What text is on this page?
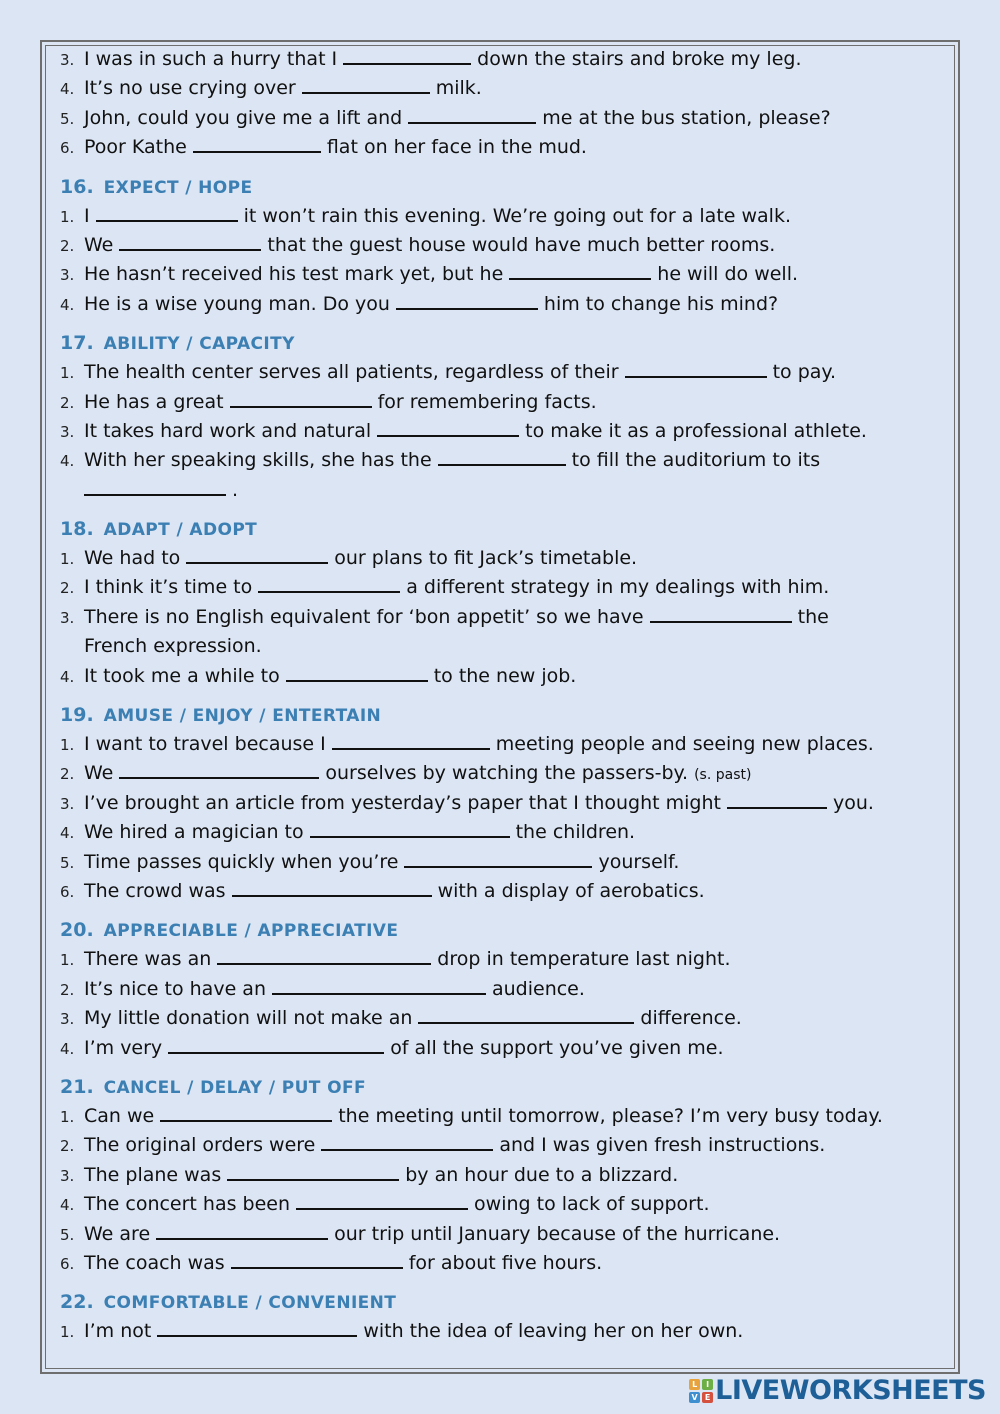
3. I was in such a hurry that I	down the stairs and broke my leg.
4. It’s no use crying over	milk.
5. John, could you give me a lift and	me at the bus station, please?
6. Poor Kathe	flat on her face in the mud.
16. EXPECT / HOPE
1. I	it won’t rain this evening. We’re going out for a late walk.
2. We	that the guest house would have much better rooms.
3. He hasn’t received his test mark yet, but he	he will do well.
4. He is a wise young man. Do you	him to change his mind?
17. ABILITY / CAPACITY
1. The health center serves all patients, regardless of their	to pay.
2. He has a great	for remembering facts.
3. It takes hard work and natural	to make it as a professional athlete.
4. With her speaking skills, she has the	to fill the auditorium to its
.
18. ADAPT / ADOPT
1. We had to	our plans to fit Jack’s timetable.
2. I think it’s time to	a different strategy in my dealings with him.
3. There is no English equivalent for ‘bon appetit’ so we have	the
French expression.
4. It took me a while to	to the new job.
19. AMUSE / ENJOY / ENTERTAIN
1. I want to travel because I	meeting people and seeing new places.
2. We	ourselves by watching the passers-by. (s. past)
3. I’ve brought an article from yesterday’s paper that I thought might	you.
4. We hired a magician to	the children.
5. Time passes quickly when you’re	yourself.
6. The crowd was	with a display of aerobatics.
20. APPRECIABLE / APPRECIATIVE
1. There was an	drop in temperature last night.
2. It’s nice to have an	audience.
3. My little donation will not make an	difference.
4. I’m very	of all the support you’ve given me.
21. CANCEL / DELAY / PUT OFF
1. Can we	the meeting until tomorrow, please? I’m very busy today.
2. The original orders were	and I was given fresh instructions.
3. The plane was	by an hour due to a blizzard.
4. The concert has been	owing to lack of support.
5. We are	our trip until January because of the hurricane.
6. The coach was	for about five hours.
22. COMFORTABLE / CONVENIENT
1. I’m not	with the idea of leaving her on her own.
L	I
V E LIVEWORKSHEETS
